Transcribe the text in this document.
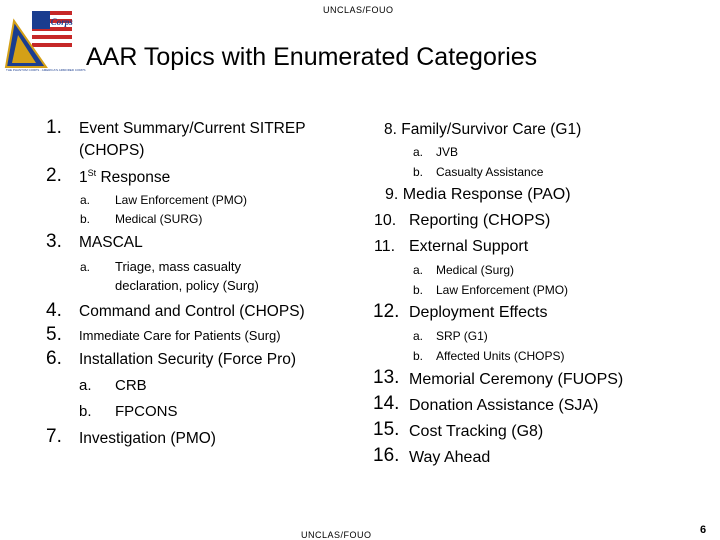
UNCLAS/FOUO
III Corps
THE PHANTOM CORPS · AMERICA'S ARMORED CORPS AAR Topics with Enumerated Categories
1. Event Summary/Current SITREP
(CHOPS)
2. 1St Response
a. Law Enforcement (PMO)
b. Medical (SURG)
3. MASCAL
a. Triage, mass casualty
declaration, policy (Surg)
4. Command and Control (CHOPS)
5. Immediate Care for Patients (Surg)
6. Installation Security (Force Pro)
a. CRB
b. FPCONS
7. Investigation (PMO)
8. Family/Survivor Care (G1)
a. JVB
b. Casualty Assistance
9. Media Response (PAO)
10. Reporting (CHOPS)
11. External Support
a. Medical (Surg)
b. Law Enforcement (PMO)
12. Deployment Effects
a. SRP (G1)
b. Affected Units (CHOPS)
13. Memorial Ceremony (FUOPS)
14. Donation Assistance (SJA)
15. Cost Tracking (G8)
16. Way Ahead
UNCLAS/FOUO	6
